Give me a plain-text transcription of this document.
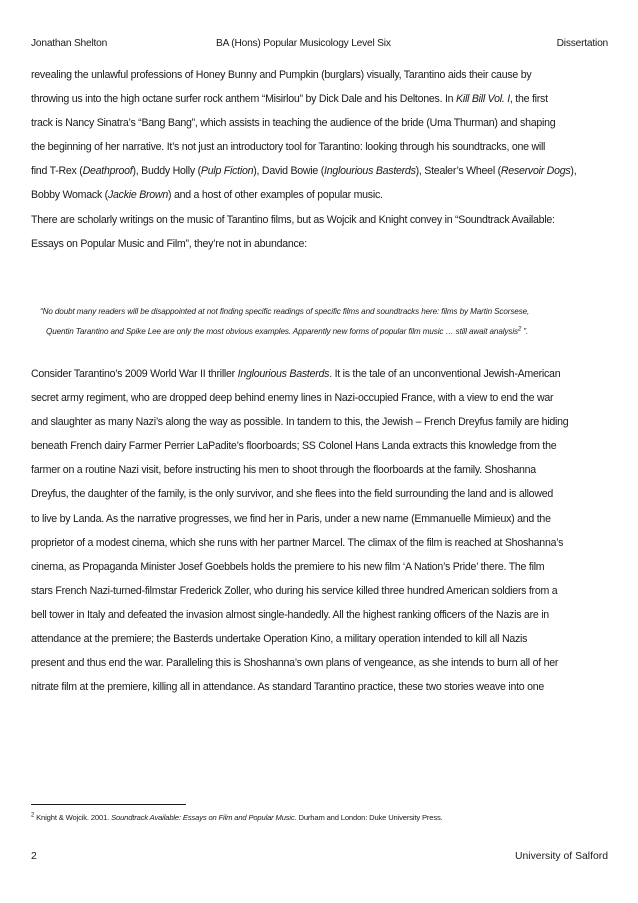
Jonathan Shelton	BA (Hons) Popular Musicology Level Six	Dissertation
revealing the unlawful professions of Honey Bunny and Pumpkin (burglars) visually, Tarantino aids their cause by
throwing us into the high octane surfer rock anthem “Misirlou” by Dick Dale and his Deltones. In Kill Bill Vol. I, the first
track is Nancy Sinatra’s “Bang Bang”, which assists in teaching the audience of the bride (Uma Thurman) and shaping
the beginning of her narrative. It’s not just an introductory tool for Tarantino: looking through his soundtracks, one will
find T-Rex (Deathproof), Buddy Holly (Pulp Fiction), David Bowie (Inglourious Basterds), Stealer’s Wheel (Reservoir Dogs),
Bobby Womack (Jackie Brown) and a host of other examples of popular music.
There are scholarly writings on the music of Tarantino films, but as Wojcik and Knight convey in “Soundtrack Available:
Essays on Popular Music and Film”, they’re not in abundance:
“No doubt many readers will be disappointed at not finding specific readings of specific films and soundtracks here: films by Martin Scorsese,
Quentin Tarantino and Spike Lee are only the most obvious examples. Apparently new forms of popular film music … still await analysis$^2$ ”.
Consider Tarantino’s 2009 World War II thriller Inglourious Basterds. It is the tale of an unconventional Jewish-American
secret army regiment, who are dropped deep behind enemy lines in Nazi-occupied France, with a view to end the war
and slaughter as many Nazi’s along the way as possible. In tandem to this, the Jewish – French Dreyfus family are hiding
beneath French dairy Farmer Perrier LaPadite’s floorboards; SS Colonel Hans Landa extracts this knowledge from the
farmer on a routine Nazi visit, before instructing his men to shoot through the floorboards at the family. Shoshanna
Dreyfus, the daughter of the family, is the only survivor, and she flees into the field surrounding the land and is allowed
to live by Landa. As the narrative progresses, we find her in Paris, under a new name (Emmanuelle Mimieux) and the
proprietor of a modest cinema, which she runs with her partner Marcel. The climax of the film is reached at Shoshanna’s
cinema, as Propaganda Minister Josef Goebbels holds the premiere to his new film ‘A Nation’s Pride’ there. The film
stars French Nazi-turned-filmstar Frederick Zoller, who during his service killed three hundred American soldiers from a
bell tower in Italy and defeated the invasion almost single-handedly. All the highest ranking officers of the Nazis are in
attendance at the premiere; the Basterds undertake Operation Kino, a military operation intended to kill all Nazis
present and thus end the war. Paralleling this is Shoshanna’s own plans of vengeance, as she intends to burn all of her
nitrate film at the premiere, killing all in attendance. As standard Tarantino practice, these two stories weave into one
$^2$ Knight & Wojcik. 2001. Soundtrack Available: Essays on Film and Popular Music. Durham and London: Duke University Press.
2	University of Salford
